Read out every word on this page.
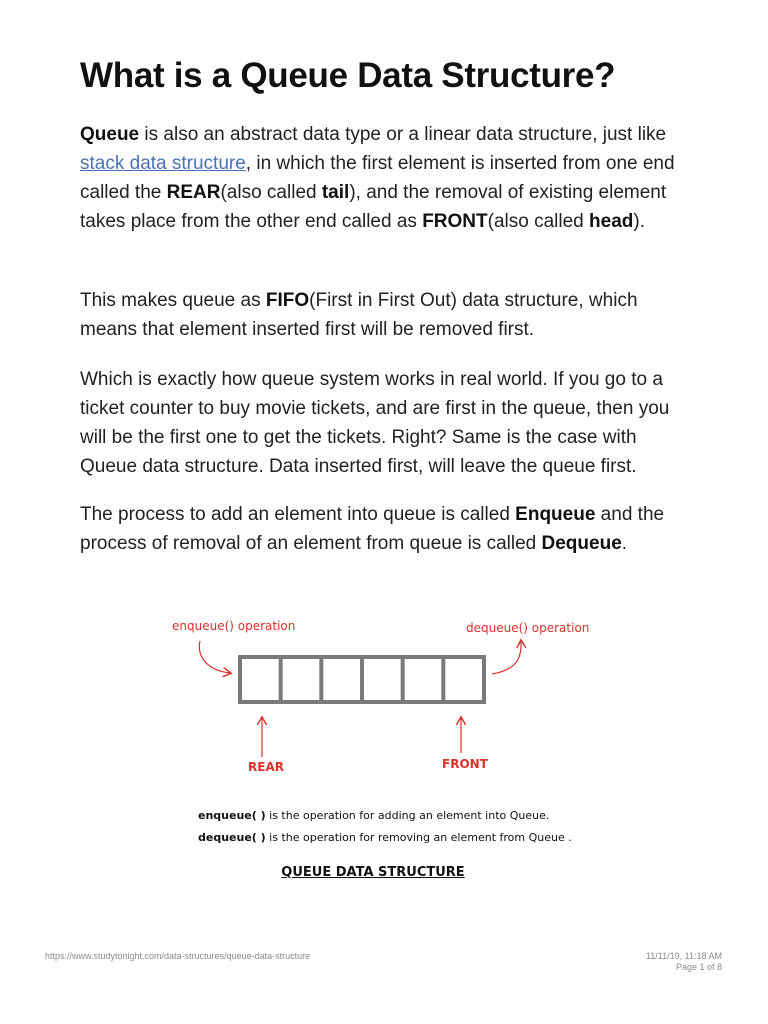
What is a Queue Data Structure?

Queue is also an abstract data type or a linear data structure, just like stack data structure, in which the first element is inserted from one end called the REAR(also called tail), and the removal of existing element takes place from the other end called as FRONT(also called head).

This makes queue as FIFO(First in First Out) data structure, which means that element inserted first will be removed first.

Which is exactly how queue system works in real world. If you go to a ticket counter to buy movie tickets, and are first in the queue, then you will be the first one to get the tickets. Right? Same is the case with Queue data structure. Data inserted first, will leave the queue first.

The process to add an element into queue is called Enqueue and the process of removal of an element from queue is called Dequeue.

enqueue() operation	dequeue() operation
REAR	FRONT
enqueue( ) is the operation for adding an element into Queue.
dequeue( ) is the operation for removing an element from Queue .
QUEUE DATA STRUCTURE
https://www.studytonight.com/data-structures/queue-data-structure	11/11/19, 11:18 AM
Page 1 of 8
